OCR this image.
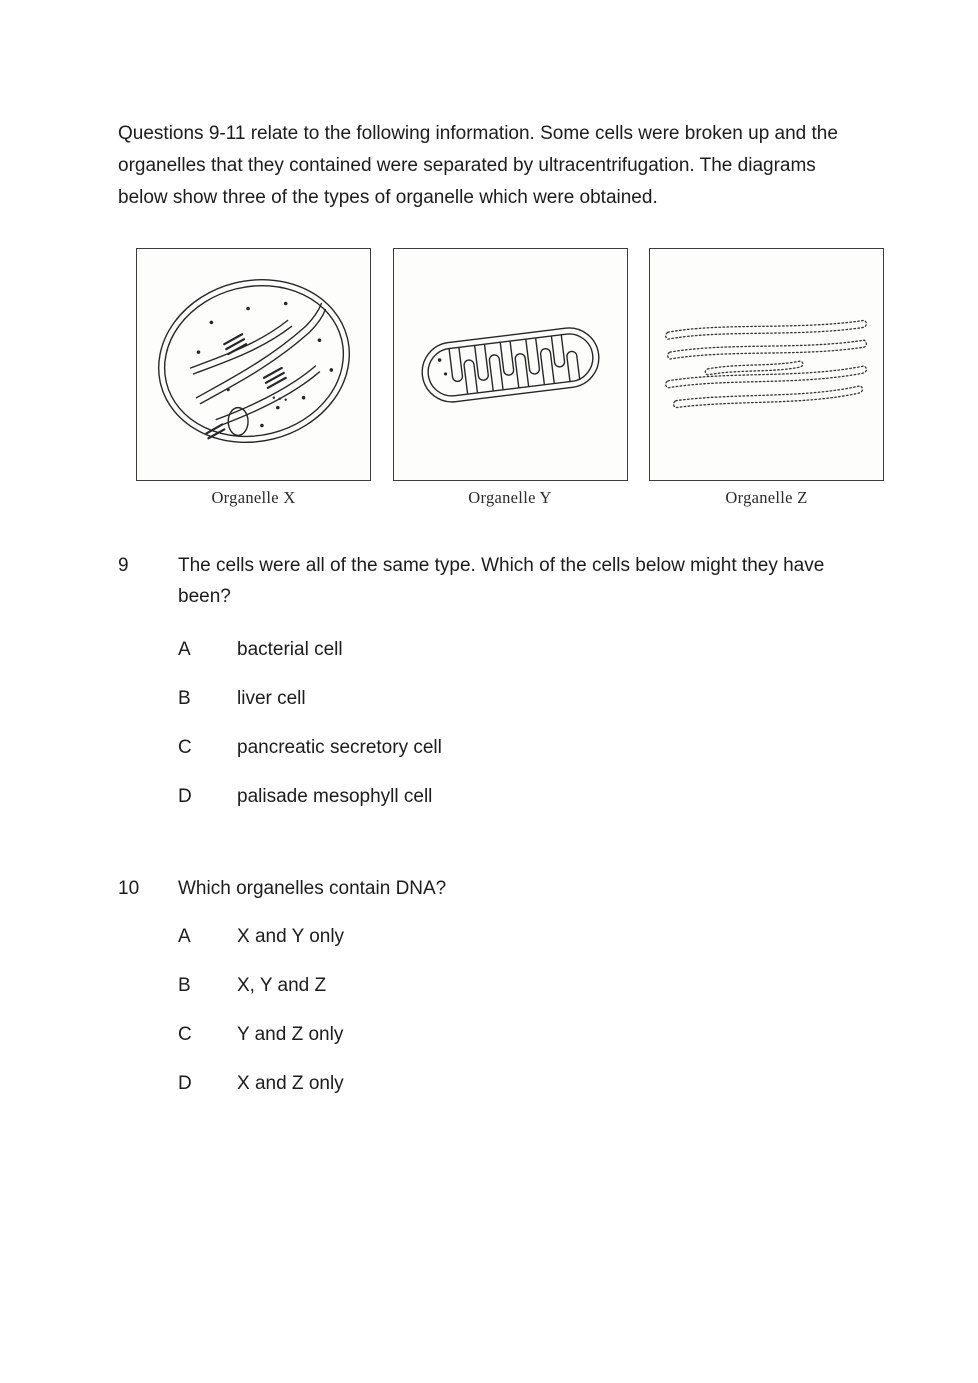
Questions 9-11 relate to the following information. Some cells were broken up and the organelles that they contained were separated by ultracentrifugation. The diagrams below show three of the types of organelle which were obtained.

Organelle X	Organelle Y	Organelle Z
9	The cells were all of the same type. Which of the cells below might they have been?
A	bacterial cell
B	liver cell
C	pancreatic secretory cell
D	palisade mesophyll cell
10	Which organelles contain DNA?
A	X and Y only
B	X, Y and Z
C	Y and Z only
D	X and Z only
